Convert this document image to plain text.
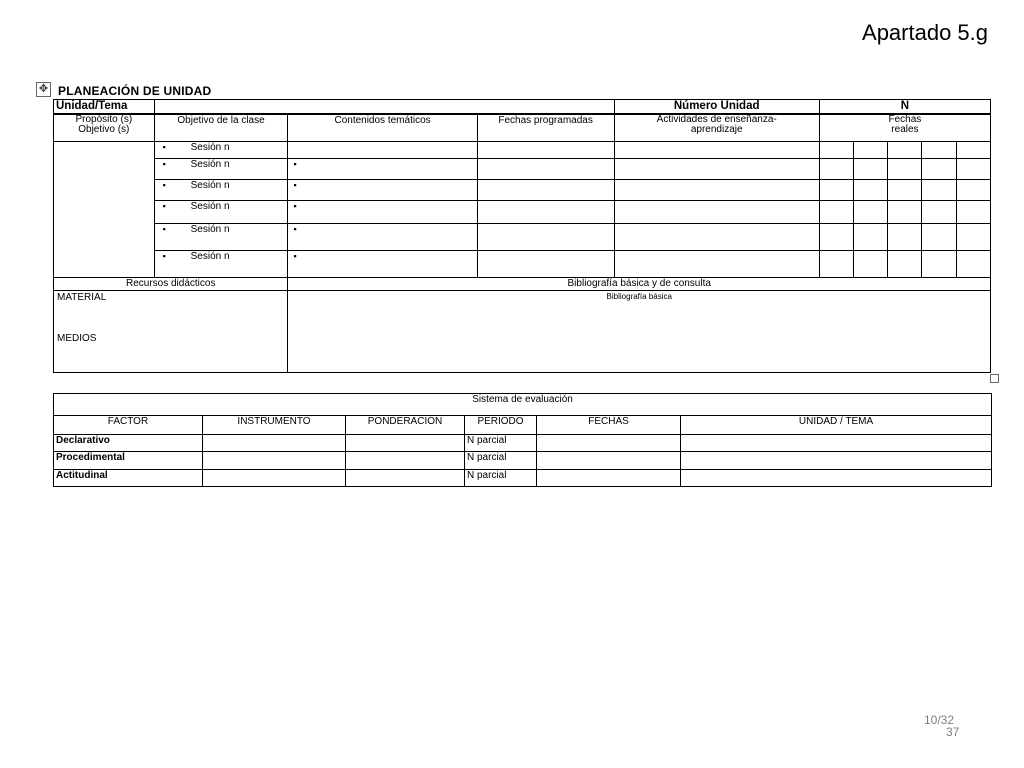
Apartado 5.g
✥ PLANEACIÓN DE UNIDAD
Unidad/Tema				Número Unidad	N				
Propósito (s) Objetivo (s)	Objetivo de la clase	Contenidos temáticos	Fechas programadas	Actividades de enseñanza- aprendizaje	Fechas reales				
	▪ Sesión n								
	▪ Sesión n	▪							
	▪ Sesión n	▪							
	▪ Sesión n	▪							
	▪ Sesión n	▪							
	▪ Sesión n	▪							
Recursos didácticos		Bibliografía básica y de consulta							

MATERIAL
MEDIOS		Bibliografía básica							
Sistema de evaluación					
FACTOR	INSTRUMENTO	PONDERACIÓN	PERIODO	FECHAS	UNIDAD / TEMA
Declarativo			N parcial		
Procedimental			N parcial		
Actitudinal			N parcial		
10/32
37
